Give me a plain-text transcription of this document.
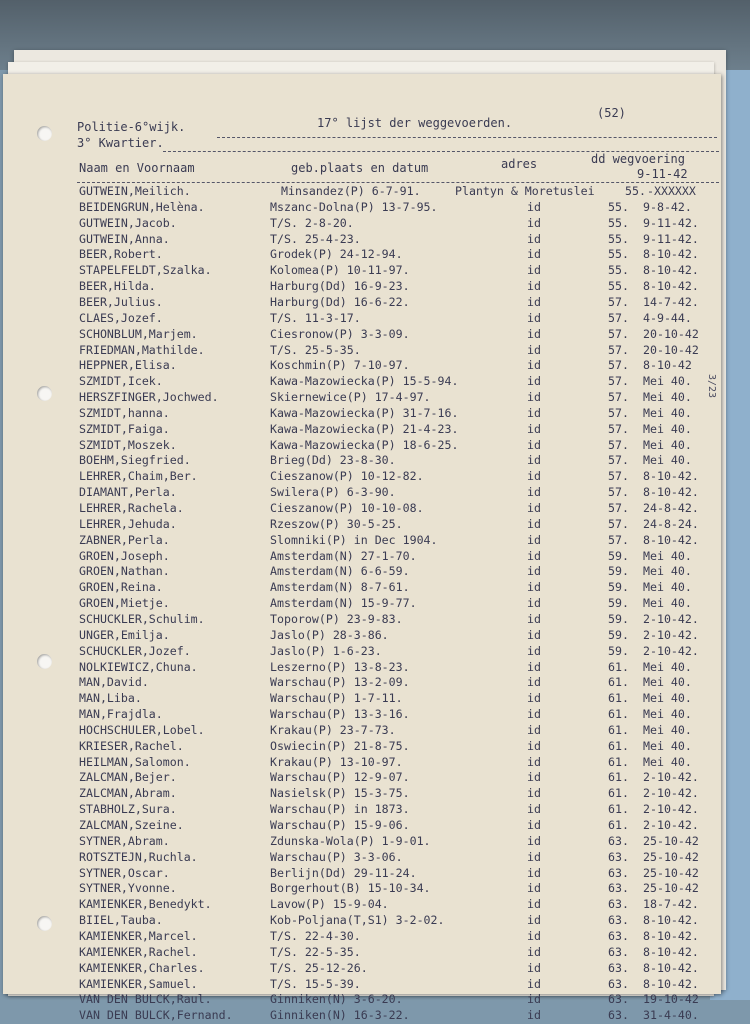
Politie-6°wijk.	17° lijst der weggevoerden.
(52)
3° Kwartier.
Naam en Voornaam	geb.plaats en datum	adres	dd wegvoering
9-11-42
GUTWEIN,Meilich.	Minsandez(P) 6-7-91.	Plantyn & Moretuslei	55. -XXXXXX
BEIDENGRUN,Helèna.	Mszanc-Dolna(P) 13-7-95.	id	55. 9-8-42.
GUTWEIN,Jacob.	T/S. 2-8-20.	id	55. 9-11-42.
GUTWEIN,Anna.	T/S. 25-4-23.	id	55. 9-11-42.
BEER,Robert.	Grodek(P) 24-12-94.	id	55. 8-10-42.
STAPELFELDT,Szalka.	Kolomea(P) 10-11-97.	id	55. 8-10-42.
BEER,Hilda.	Harburg(Dd) 16-9-23.	id	55. 8-10-42.
BEER,Julius.	Harburg(Dd) 16-6-22.	id	57. 14-7-42.
CLAES,Jozef.	T/S. 11-3-17.	id	57. 4-9-44.
SCHONBLUM,Marjem.	Ciesronow(P) 3-3-09.	id	57. 20-10-42
FRIEDMAN,Mathilde.	T/S. 25-5-35.	id	57. 20-10-42
HEPPNER,Elisa.	Koschmin(P) 7-10-97.	id	57. 8-10-42
SZMIDT,Icek.	Kawa-Mazowiecka(P) 15-5-94.	id	57. Mei 40.
HERSZFINGER,Jochwed.	Skiernewice(P) 17-4-97.	id	57. Mei 40.
SZMIDT,hanna.	Kawa-Mazowiecka(P) 31-7-16.	id	57. Mei 40.
SZMIDT,Faiga.	Kawa-Mazowiecka(P) 21-4-23.	id	57. Mei 40.
SZMIDT,Moszek.	Kawa-Mazowiecka(P) 18-6-25.	id	57. Mei 40.
BOEHM,Siegfried.	Brieg(Dd) 23-8-30.	id	57. Mei 40.
LEHRER,Chaim,Ber.	Cieszanow(P) 10-12-82.	id	57. 8-10-42.
DIAMANT,Perla.	Swilera(P) 6-3-90.	id	57. 8-10-42.
LEHRER,Rachela.	Cieszanow(P) 10-10-08.	id	57. 24-8-42.
LEHRER,Jehuda.	Rzeszow(P) 30-5-25.	id	57. 24-8-24.
ZABNER,Perla.	Slomniki(P) in Dec 1904.	id	57. 8-10-42.
GROEN,Joseph.	Amsterdam(N) 27-1-70.	id	59. Mei 40.
GROEN,Nathan.	Amsterdam(N) 6-6-59.	id	59. Mei 40.
GROEN,Reina.	Amsterdam(N) 8-7-61.	id	59. Mei 40.
GROEN,Mietje.	Amsterdam(N) 15-9-77.	id	59. Mei 40.
SCHUCKLER,Schulim.	Toporow(P) 23-9-83.	id	59. 2-10-42.
UNGER,Emilja.	Jaslo(P) 28-3-86.	id	59. 2-10-42.
SCHUCKLER,Jozef.	Jaslo(P) 1-6-23.	id	59. 2-10-42.
NOLKIEWICZ,Chuna.	Leszerno(P) 13-8-23.	id	61. Mei 40.
MAN,David.	Warschau(P) 13-2-09.	id	61. Mei 40.
MAN,Liba.	Warschau(P) 1-7-11.	id	61. Mei 40.
MAN,Frajdla.	Warschau(P) 13-3-16.	id	61. Mei 40.
HOCHSCHULER,Lobel.	Krakau(P) 23-7-73.	id	61. Mei 40.
KRIESER,Rachel.	Oswiecin(P) 21-8-75.	id	61. Mei 40.
HEILMAN,Salomon.	Krakau(P) 13-10-97.	id	61. Mei 40.
ZALCMAN,Bejer.	Warschau(P) 12-9-07.	id	61. 2-10-42.
ZALCMAN,Abram.	Nasielsk(P) 15-3-75.	id	61. 2-10-42.
STABHOLZ,Sura.	Warschau(P) in 1873.	id	61. 2-10-42.
ZALCMAN,Szeine.	Warschau(P) 15-9-06.	id	61. 2-10-42.
SYTNER,Abram.	Zdunska-Wola(P) 1-9-01.	id	63. 25-10-42
ROTSZTEJN,Ruchla.	Warschau(P) 3-3-06.	id	63. 25-10-42
SYTNER,Oscar.	Berlijn(Dd) 29-11-24.	id	63. 25-10-42
SYTNER,Yvonne.	Borgerhout(B) 15-10-34.	id	63. 25-10-42
KAMIENKER,Benedykt.	Lavow(P) 15-9-04.	id	63. 18-7-42.
BIIEL,Tauba.	Kob-Poljana(T,S1) 3-2-02.	id	63. 8-10-42.
KAMIENKER,Marcel.	T/S. 22-4-30.	id	63. 8-10-42.
KAMIENKER,Rachel.	T/S. 22-5-35.	id	63. 8-10-42.
KAMIENKER,Charles.	T/S. 25-12-26.	id	63. 8-10-42.
KAMIENKER,Samuel.	T/S. 15-5-39.	id	63. 8-10-42.
VAN DEN BULCK,Raul.	Ginniken(N) 3-6-20.	id	63. 19-10-42
VAN DEN BULCK,Fernand.	Ginniken(N) 16-3-22.	id	63. 31-4-40.
3/23
